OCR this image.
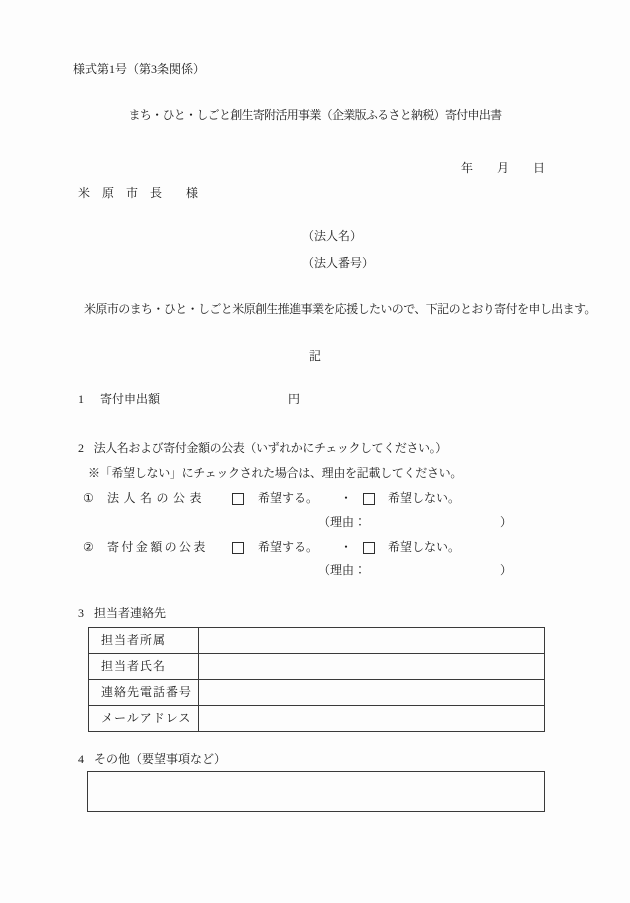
様式第1号（第3条関係）
まち・ひと・しごと創生寄附活用事業（企業版ふるさと納税）寄付申出書
年　　月　　日
米　原　市　長　　様
（法人名）
（法人番号）
米原市のまち・ひと・しごと米原創生推進事業を応援したいので、下記のとおり寄付を申し出ます。
記
1 寄付申出額	円
2 法人名および寄付金額の公表（いずれかにチェックしてください。）
※「希望しない」にチェックされた場合は、理由を記載してください。
① 法人名の公表	希望する。 ・	希望しない。
（理由：	）
② 寄付金額の公表	希望する。 ・	希望しない。
（理由：	）
3 担当者連絡先
担当者所属
担当者氏名
連絡先電話番号
メールアドレス
4 その他（要望事項など）
